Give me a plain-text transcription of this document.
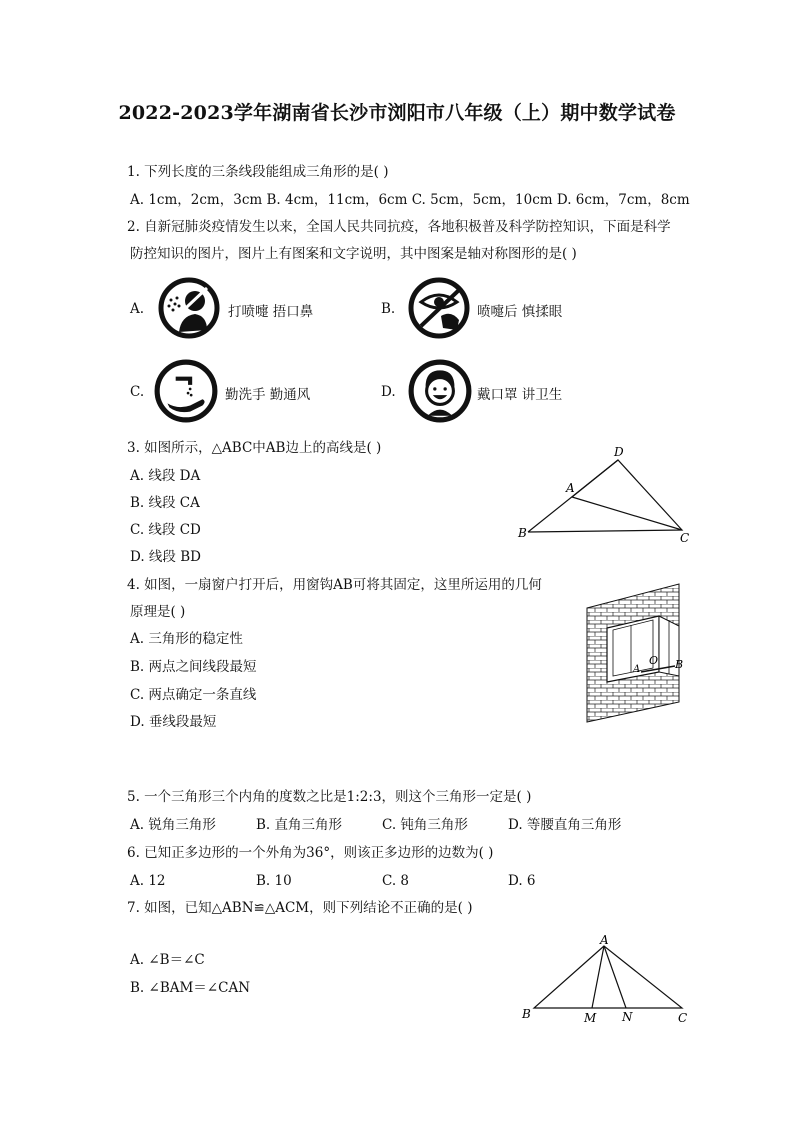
2022-2023学年湖南省长沙市浏阳市八年级（上）期中数学试卷
1. 下列长度的三条线段能组成三角形的是( )
A. 1cm，2cm，3cm B. 4cm，11cm，6cm C. 5cm，5cm，10cm D. 6cm，7cm，8cm
2. 自新冠肺炎疫情发生以来，全国人民共同抗疫，各地积极普及科学防控知识，下面是科学
防控知识的图片，图片上有图案和文字说明，其中图案是轴对称图形的是( )
A.	打喷嚏 捂口鼻	B.	喷嚏后 慎揉眼
C.	勤洗手 勤通风	D.	戴口罩 讲卫生
3. 如图所示，△ABC中AB边上的高线是( )
A. 线段 DA
B. 线段 CA
C. 线段 CD
D. 线段 BD
D
A
B	C
4. 如图，一扇窗户打开后，用窗钩AB可将其固定，这里所运用的几何
原理是( )
A. 三角形的稳定性
B. 两点之间线段最短
C. 两点确定一条直线
D. 垂线段最短
A
O B
5. 一个三角形三个内角的度数之比是1:2:3，则这个三角形一定是( )
A. 锐角三角形	B. 直角三角形	C. 钝角三角形	D. 等腰直角三角形
6. 已知正多边形的一个外角为36°，则该正多边形的边数为( )
A. 12	B. 10	C. 8	D. 6
7. 如图，已知△ABN≌△ACM，则下列结论不正确的是( )
A. ∠B＝∠C
B. ∠BAM＝∠CAN
A
B	M N	C
